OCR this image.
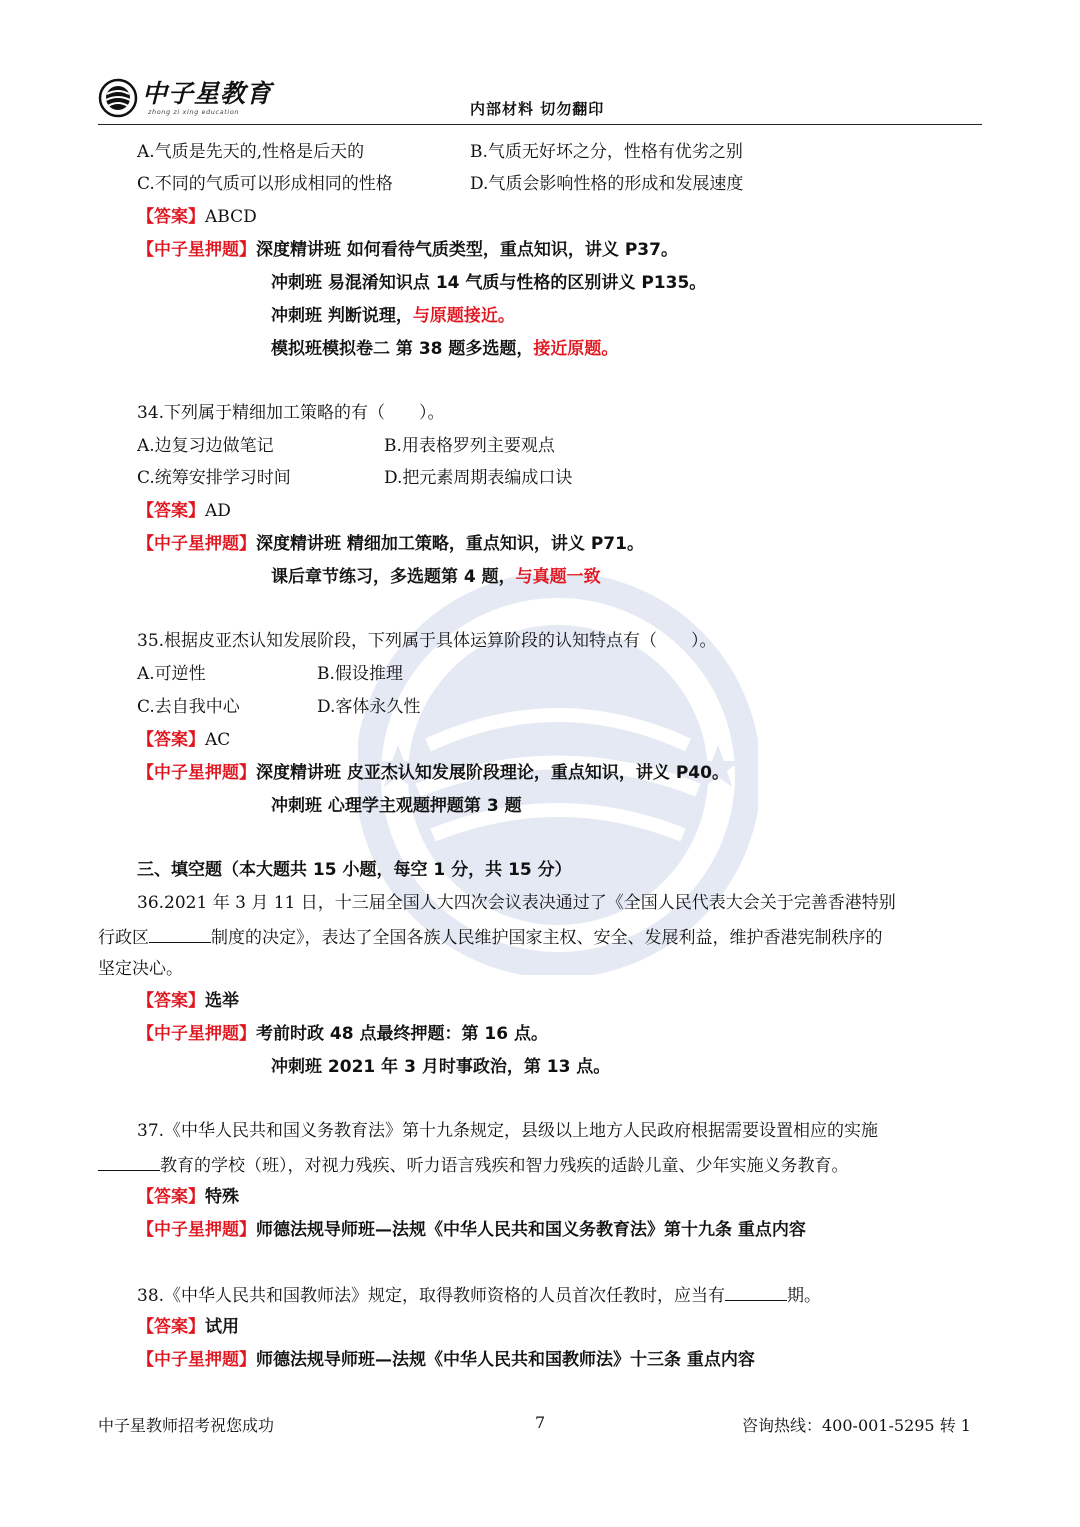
中子星教育
zhong zi xing education	内部材料 切勿翻印
A.气质是先天的,性格是后天的	B.气质无好坏之分，性格有优劣之别
C.不同的气质可以形成相同的性格	D.气质会影响性格的形成和发展速度
【答案】ABCD
【中子星押题】深度精讲班 如何看待气质类型，重点知识，讲义 P37。
冲刺班 易混淆知识点 14 气质与性格的区别讲义 P135。
冲刺班 判断说理，与原题接近。
模拟班模拟卷二 第 38 题多选题，接近原题。
34.下列属于精细加工策略的有（　　）。
A.边复习边做笔记	B.用表格罗列主要观点
C.统筹安排学习时间	D.把元素周期表编成口诀
【答案】AD
【中子星押题】深度精讲班 精细加工策略，重点知识，讲义 P71。
课后章节练习，多选题第 4 题，与真题一致
35.根据皮亚杰认知发展阶段，下列属于具体运算阶段的认知特点有（　　）。
A.可逆性	B.假设推理
C.去自我中心	D.客体永久性
【答案】AC
【中子星押题】深度精讲班 皮亚杰认知发展阶段理论，重点知识，讲义 P40。
冲刺班 心理学主观题押题第 3 题
三、填空题（本大题共 15 小题，每空 1 分，共 15 分）
36.2021 年 3 月 11 日，十三届全国人大四次会议表决通过了《全国人民代表大会关于完善香港特别
行政区	制度的决定》，表达了全国各族人民维护国家主权、安全、发展利益，维护香港宪制秩序的
坚定决心。
【答案】选举
【中子星押题】考前时政 48 点最终押题：第 16 点。
冲刺班 2021 年 3 月时事政治，第 13 点。
37.《中华人民共和国义务教育法》第十九条规定，县级以上地方人民政府根据需要设置相应的实施
教育的学校（班），对视力残疾、听力语言残疾和智力残疾的适龄儿童、少年实施义务教育。
【答案】特殊
【中子星押题】师德法规导师班—法规《中华人民共和国义务教育法》第十九条 重点内容
38.《中华人民共和国教师法》规定，取得教师资格的人员首次任教时，应当有	期。
【答案】试用
【中子星押题】师德法规导师班—法规《中华人民共和国教师法》十三条 重点内容
中子星教师招考祝您成功	7	咨询热线：400-001-5295 转 1
